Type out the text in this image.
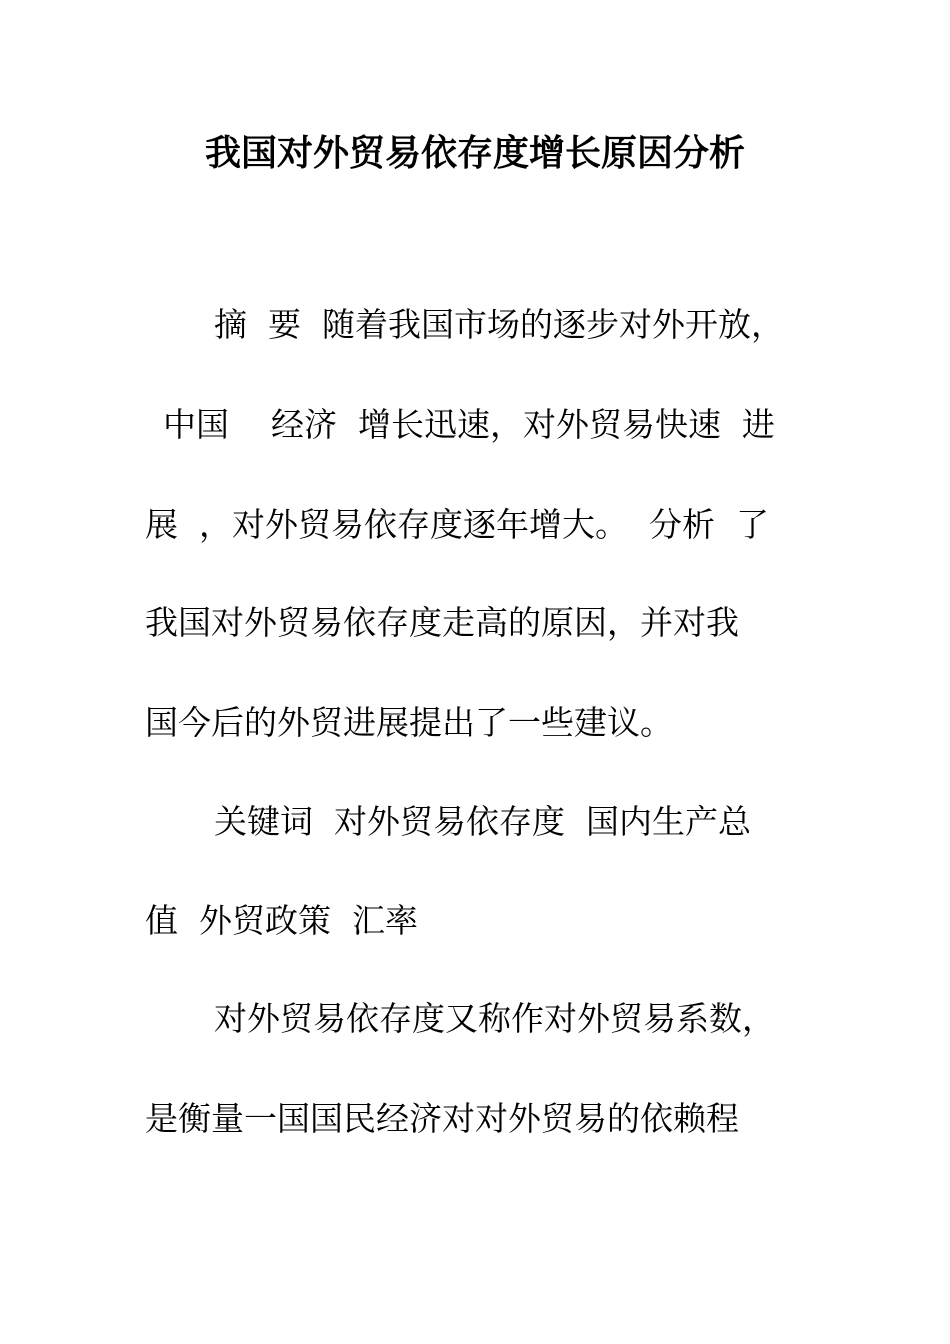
我国对外贸易依存度增长原因分析
摘  要  随着我国市场的逐步对外开放，
中国    经济  增长迅速，对外贸易快速  进
展  ，对外贸易依存度逐年增大。  分析  了
我国对外贸易依存度走高的原因，并对我
国今后的外贸进展提出了一些建议。
关键词  对外贸易依存度  国内生产总
值  外贸政策  汇率
对外贸易依存度又称作对外贸易系数，
是衡量一国国民经济对对外贸易的依赖程
